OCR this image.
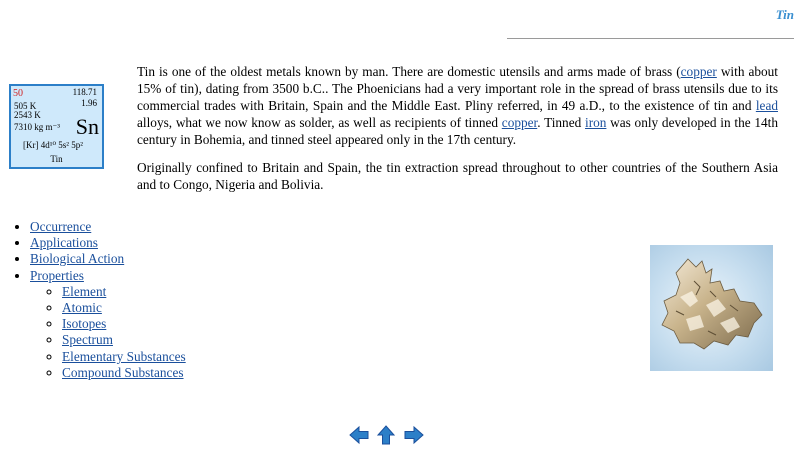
Tin
50	118.71
1.96
505 K
2543 K
7310 kg m⁻³ Sn
[Kr] 4d¹⁰ 5s² 5p²
Tin

Tin is one of the oldest metals known by man. There are domestic utensils and arms made of brass (copper with about 15% of tin), dating from 3500 b.C.. The Phoenicians had a very important role in the spread of brass utensils due to its commercial trades with Britain, Spain and the Middle East. Pliny referred, in 49 a.D., to the existence of tin and lead alloys, what we now know as solder, as well as recipients of tinned copper. Tinned iron was only developed in the 14th century in Bohemia, and tinned steel appeared only in the 17th century.

Originally confined to Britain and Spain, the tin extraction spread throughout to other countries of the Southern Asia and to Congo, Nigeria and Bolivia.

• Occurrence
• Applications
• Biological Action
• Properties
◦ Element
◦ Atomic
◦ Isotopes
◦ Spectrum
◦ Elementary Substances
◦ Compound Substances
